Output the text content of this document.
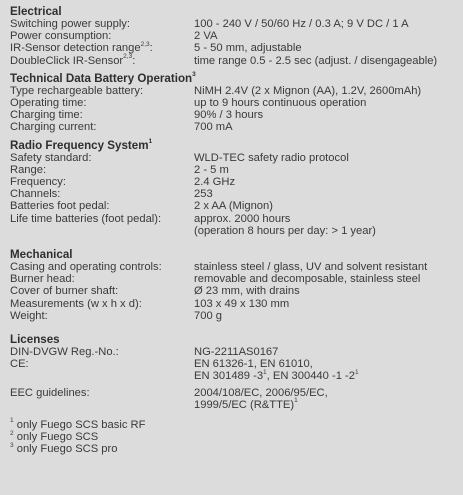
Electrical
Switching power supply:	100 - 240 V / 50/60 Hz / 0.3 A; 9 V DC / 1 A
Power consumption:	2 VA
IR-Sensor detection range$^{2,3}$:	5 - 50 mm, adjustable
DoubleClick IR-Sensor$^{2,3}$:	time range 0.5 - 2.5 sec (adjust. / disengageable)
Technical Data Battery Operation$^3$
Type rechargeable battery:	NiMH 2.4V (2 x Mignon (AA), 1.2V, 2600mAh)
Operating time:	up to 9 hours continuous operation
Charging time:	90% / 3 hours
Charging current:	700 mA
Radio Frequency System$^1$
Safety standard:	WLD-TEC safety radio protocol
Range:	2 - 5 m
Frequency:	2.4 GHz
Channels:	253
Batteries foot pedal:	2 x AA (Mignon)
Life time batteries (foot pedal):	approx. 2000 hours
(operation 8 hours per day: > 1 year)
Mechanical
Casing and operating controls:	stainless steel / glass, UV and solvent resistant
Burner head:	removable and decomposable, stainless steel
Cover of burner shaft:	Ø 23 mm, with drains
Measurements (w x h x d):	103 x 49 x 130 mm
Weight:	700 g
Licenses
DIN-DVGW Reg.-No.:	NG-2211AS0167
CE:	EN 61326-1, EN 61010,
EN 301489 $-3^1$, EN 300440 -1 $-2^1$
EEC guidelines:	2004/108/EC, 2006/95/EC,
1999/5/EC (R&TTE)$^1$
$^1$ only Fuego SCS basic RF
$^2$ only Fuego SCS
$^3$ only Fuego SCS pro
